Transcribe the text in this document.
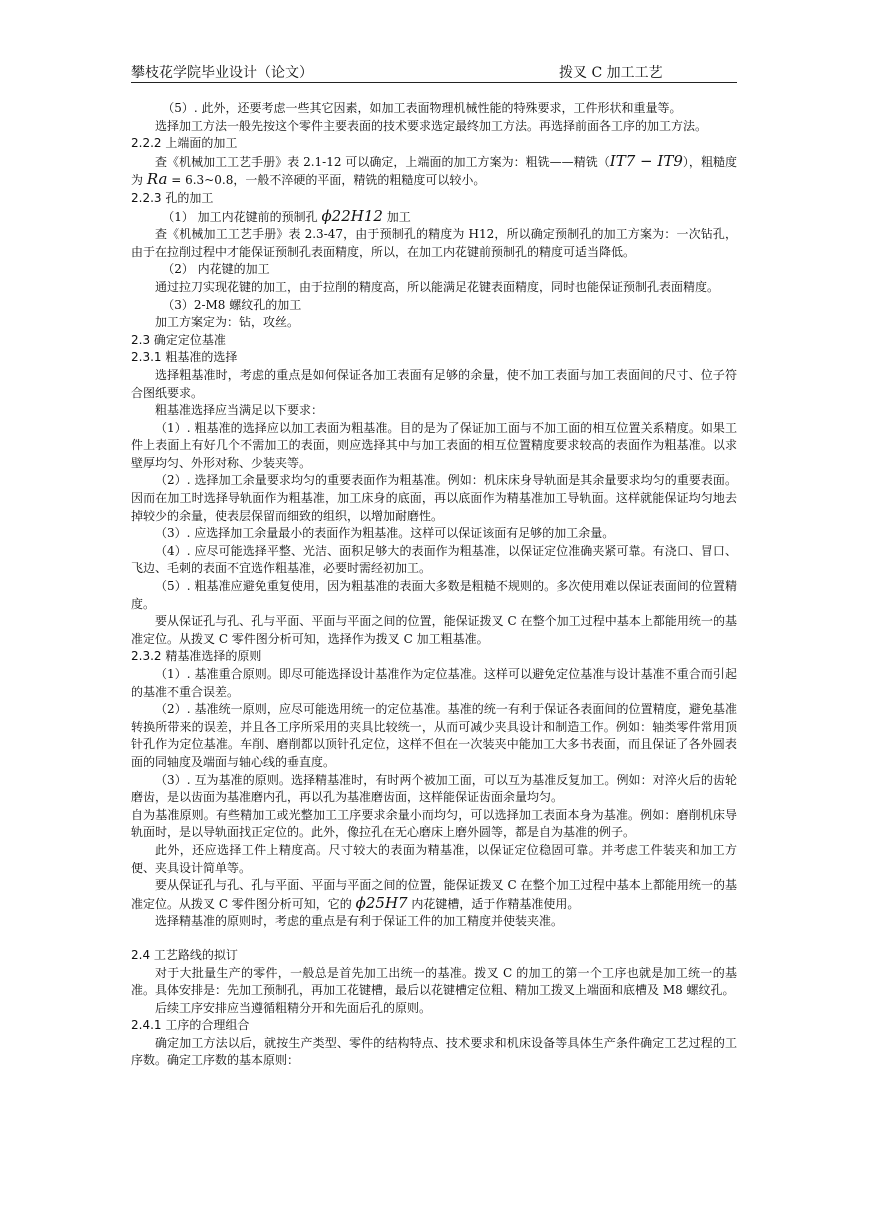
攀枝花学院毕业设计（论文）	拨叉 C 加工工艺

（5）. 此外，还要考虑一些其它因素，如加工表面物理机械性能的特殊要求，工件形状和重量等。

选择加工方法一般先按这个零件主要表面的技术要求选定最终加工方法。再选择前面各工序的加工方法。

2.2.2 上端面的加工

查《机械加工工艺手册》表 2.1-12 可以确定，上端面的加工方案为：粗铣——精铣（IT7 − IT9），粗糙度为 Ra = 6.3~0.8，一般不淬硬的平面，精铣的粗糙度可以较小。

2.2.3 孔的加工

（1） 加工内花键前的预制孔 ϕ22H12 加工

查《机械加工工艺手册》表 2.3-47，由于预制孔的精度为 H12，所以确定预制孔的加工方案为：一次钻孔，由于在拉削过程中才能保证预制孔表面精度，所以，在加工内花键前预制孔的精度可适当降低。

（2） 内花键的加工

通过拉刀实现花键的加工，由于拉削的精度高，所以能满足花键表面精度，同时也能保证预制孔表面精度。

（3）2-M8 螺纹孔的加工

加工方案定为：钻，攻丝。

2.3 确定定位基准
2.3.1 粗基准的选择

选择粗基准时，考虑的重点是如何保证各加工表面有足够的余量，使不加工表面与加工表面间的尺寸、位子符合图纸要求。

粗基准选择应当满足以下要求：

（1）. 粗基准的选择应以加工表面为粗基准。目的是为了保证加工面与不加工面的相互位置关系精度。如果工件上表面上有好几个不需加工的表面，则应选择其中与加工表面的相互位置精度要求较高的表面作为粗基准。以求壁厚均匀、外形对称、少装夹等。

（2）. 选择加工余量要求均匀的重要表面作为粗基准。例如：机床床身导轨面是其余量要求均匀的重要表面。因而在加工时选择导轨面作为粗基准，加工床身的底面，再以底面作为精基准加工导轨面。这样就能保证均匀地去掉较少的余量，使表层保留而细致的组织，以增加耐磨性。

（3）. 应选择加工余量最小的表面作为粗基准。这样可以保证该面有足够的加工余量。

（4）. 应尽可能选择平整、光洁、面积足够大的表面作为粗基准，以保证定位准确夹紧可靠。有浇口、冒口、飞边、毛刺的表面不宜选作粗基准，必要时需经初加工。

（5）. 粗基准应避免重复使用，因为粗基准的表面大多数是粗糙不规则的。多次使用难以保证表面间的位置精度。

要从保证孔与孔、孔与平面、平面与平面之间的位置，能保证拨叉 C 在整个加工过程中基本上都能用统一的基准定位。从拨叉 C 零件图分析可知，选择作为拨叉 C 加工粗基准。

2.3.2 精基准选择的原则

（1）. 基准重合原则。即尽可能选择设计基准作为定位基准。这样可以避免定位基准与设计基准不重合而引起的基准不重合误差。

（2）. 基准统一原则，应尽可能选用统一的定位基准。基准的统一有利于保证各表面间的位置精度，避免基准转换所带来的误差，并且各工序所采用的夹具比较统一，从而可减少夹具设计和制造工作。例如：轴类零件常用顶针孔作为定位基准。车削、磨削都以顶针孔定位，这样不但在一次装夹中能加工大多书表面，而且保证了各外圆表面的同轴度及端面与轴心线的垂直度。

（3）. 互为基准的原则。选择精基准时，有时两个被加工面，可以互为基准反复加工。例如：对淬火后的齿轮磨齿，是以齿面为基准磨内孔，再以孔为基准磨齿面，这样能保证齿面余量均匀。

自为基准原则。有些精加工或光整加工工序要求余量小而均匀，可以选择加工表面本身为基准。例如：磨削机床导轨面时，是以导轨面找正定位的。此外，像拉孔在无心磨床上磨外圆等，都是自为基准的例子。

此外，还应选择工件上精度高。尺寸较大的表面为精基准，以保证定位稳固可靠。并考虑工件装夹和加工方便、夹具设计简单等。

要从保证孔与孔、孔与平面、平面与平面之间的位置，能保证拨叉 C 在整个加工过程中基本上都能用统一的基准定位。从拨叉 C 零件图分析可知，它的 ϕ25H7 内花键槽，适于作精基准使用。

选择精基准的原则时，考虑的重点是有利于保证工件的加工精度并使装夹准。

2.4 工艺路线的拟订

对于大批量生产的零件，一般总是首先加工出统一的基准。拨叉 C 的加工的第一个工序也就是加工统一的基准。具体安排是：先加工预制孔，再加工花键槽，最后以花键槽定位粗、精加工拨叉上端面和底槽及 M8 螺纹孔。

后续工序安排应当遵循粗精分开和先面后孔的原则。

2.4.1 工序的合理组合

确定加工方法以后，就按生产类型、零件的结构特点、技术要求和机床设备等具体生产条件确定工艺过程的工序数。确定工序数的基本原则：
